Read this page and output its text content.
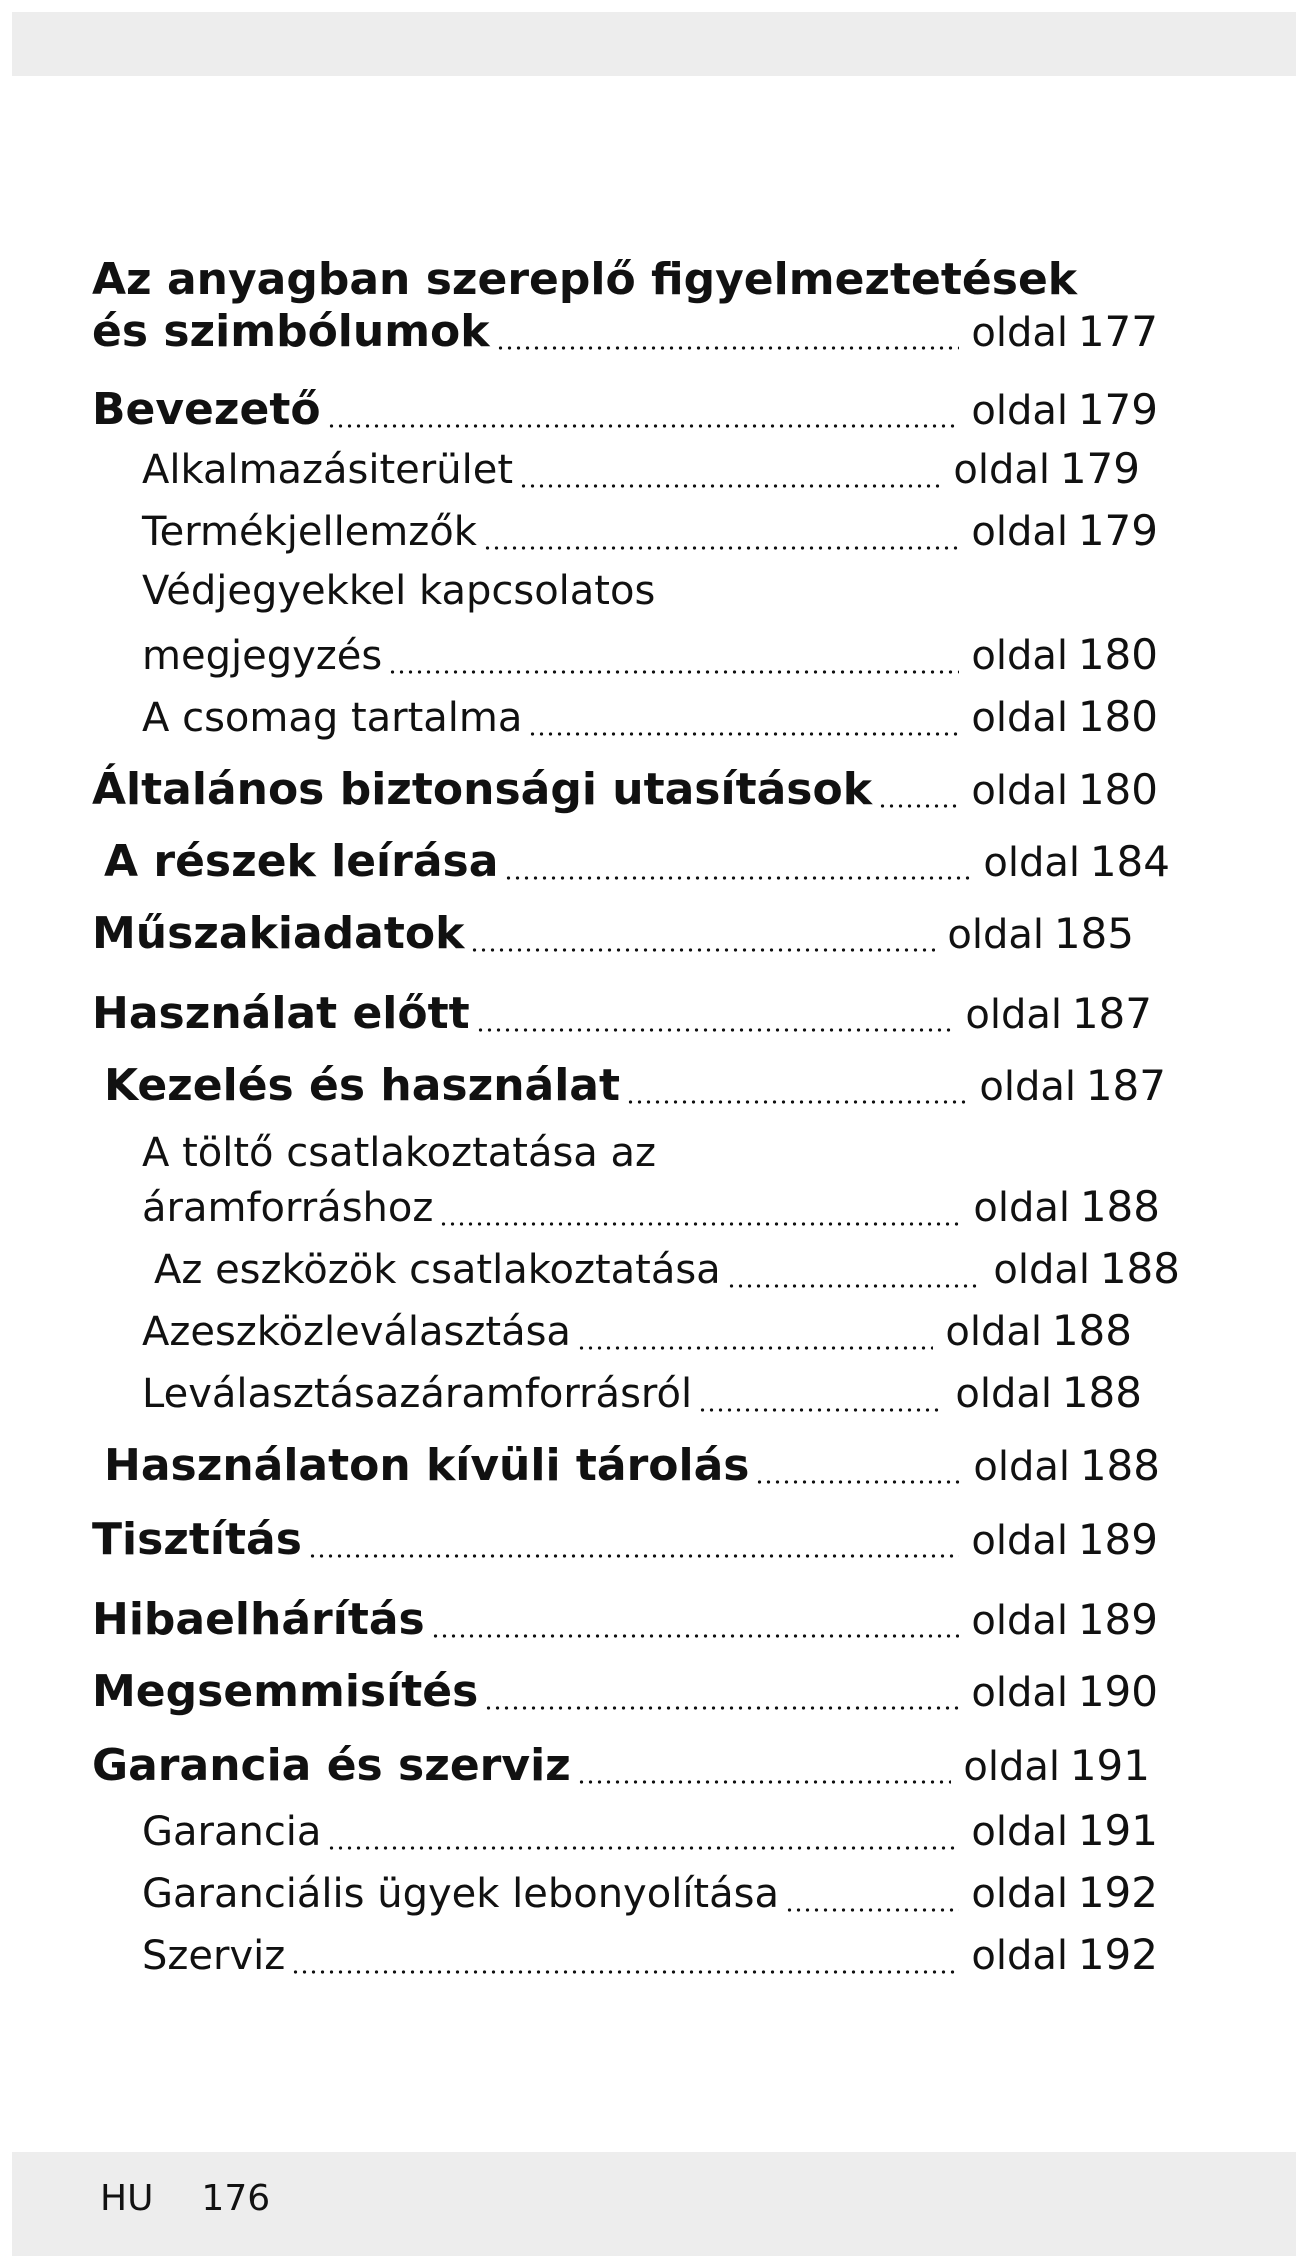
Az anyagban szereplő figyelmeztetések
és szimbólumok	oldal 177
Bevezető	oldal 179
Alkalmazásiterület	oldal 179
Termékjellemzők	oldal 179
Védjegyekkel kapcsolatos
megjegyzés	oldal 180
A csomag tartalma	oldal 180
Általános biztonsági utasítások oldal 180
A részek leírása	oldal 184
Műszakiadatok	oldal 185
Használat előtt	oldal 187
Kezelés és használat	oldal 187
A töltő csatlakoztatása az
áramforráshoz	oldal 188
Az eszközök csatlakoztatása	oldal 188
Azeszközleválasztása	oldal 188
Leválasztásazáramforrásról	oldal 188
Használaton kívüli tárolás	oldal 188
Tisztítás	oldal 189
Hibaelhárítás	oldal 189
Megsemmisítés	oldal 190
Garancia és szerviz	oldal 191
Garancia	oldal 191
Garanciális ügyek lebonyolítása	oldal 192
Szerviz	oldal 192
HU 176
